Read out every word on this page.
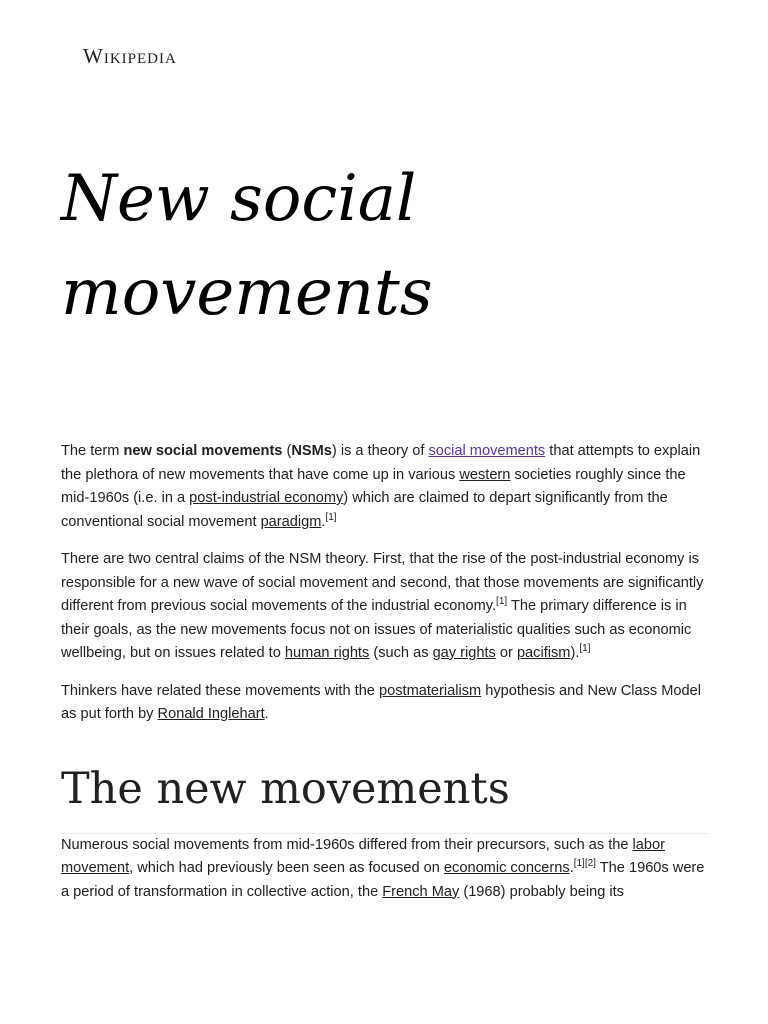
Wikipedia
New social movements

The term new social movements (NSMs) is a theory of social movements that attempts to explain the plethora of new movements that have come up in various western societies roughly since the mid-1960s (i.e. in a post-industrial economy) which are claimed to depart significantly from the conventional social movement paradigm.[1]

There are two central claims of the NSM theory. First, that the rise of the post-industrial economy is responsible for a new wave of social movement and second, that those movements are significantly different from previous social movements of the industrial economy.[1] The primary difference is in their goals, as the new movements focus not on issues of materialistic qualities such as economic wellbeing, but on issues related to human rights (such as gay rights or pacifism).[1]

Thinkers have related these movements with the postmaterialism hypothesis and New Class Model as put forth by Ronald Inglehart.

The new movements

Numerous social movements from mid-1960s differed from their precursors, such as the labor movement, which had previously been seen as focused on economic concerns.[1][2] The 1960s were a period of transformation in collective action, the French May (1968) probably being its
